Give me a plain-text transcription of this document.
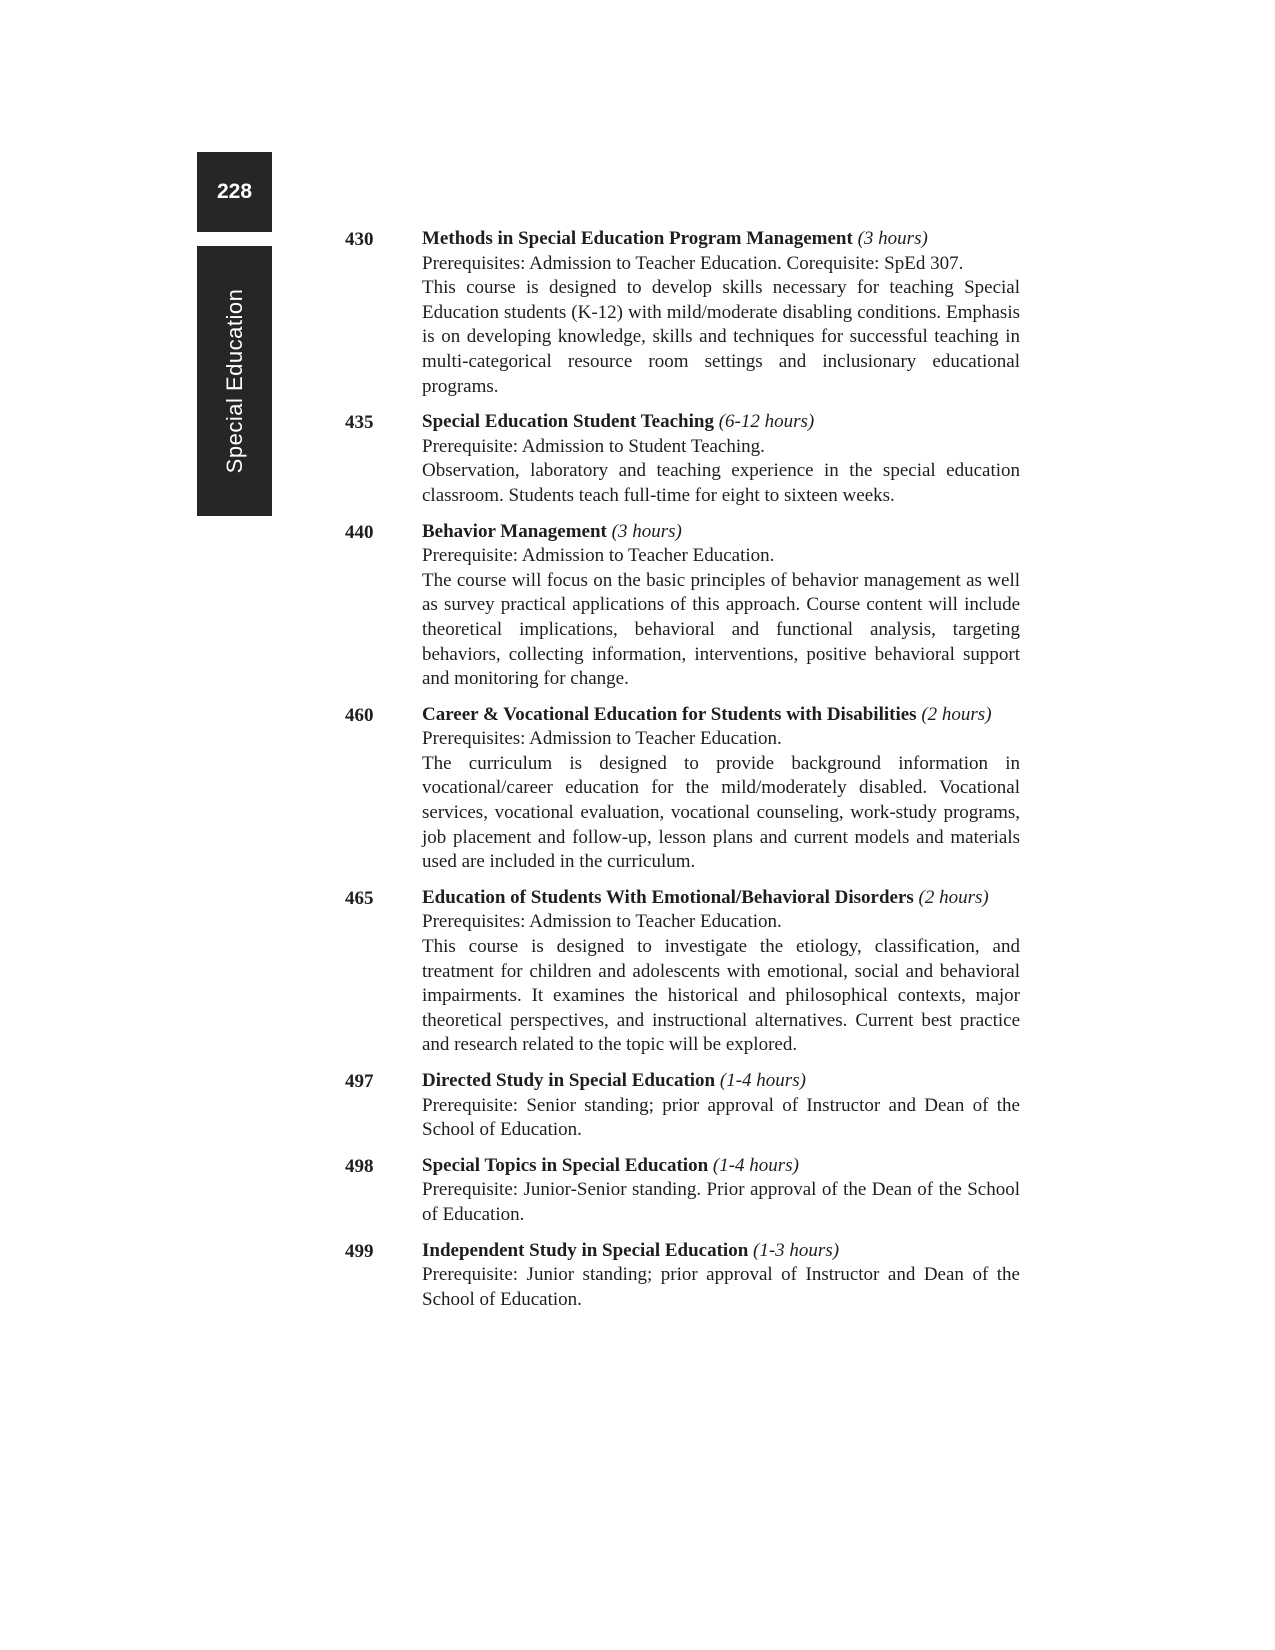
228
Special Education
430	Methods in Special Education Program Management (3 hours)

Prerequisites: Admission to Teacher Education. Corequisite: SpEd 307.

This course is designed to develop skills necessary for teaching Special Education students (K-12) with mild/moderate disabling conditions. Emphasis is on developing knowledge, skills and techniques for successful teaching in multi-categorical resource room settings and inclusionary educational programs.

435	Special Education Student Teaching (6-12 hours)

Prerequisite: Admission to Student Teaching.

Observation, laboratory and teaching experience in the special education classroom. Students teach full-time for eight to sixteen weeks.

440	Behavior Management (3 hours)

Prerequisite: Admission to Teacher Education.

The course will focus on the basic principles of behavior management as well as survey practical applications of this approach. Course content will include theoretical implications, behavioral and functional analysis, targeting behaviors, collecting information, interventions, positive behavioral support and monitoring for change.

460	Career & Vocational Education for Students with Disabilities (2 hours)

Prerequisites: Admission to Teacher Education.

The curriculum is designed to provide background information in vocational/career education for the mild/moderately disabled. Vocational services, vocational evaluation, vocational counseling, work-study programs, job placement and follow-up, lesson plans and current models and materials used are included in the curriculum.

465	Education of Students With Emotional/Behavioral Disorders (2 hours)

Prerequisites: Admission to Teacher Education.

This course is designed to investigate the etiology, classification, and treatment for children and adolescents with emotional, social and behavioral impairments. It examines the historical and philosophical contexts, major theoretical perspectives, and instructional alternatives. Current best practice and research related to the topic will be explored.

497	Directed Study in Special Education (1-4 hours)

Prerequisite: Senior standing; prior approval of Instructor and Dean of the School of Education.

498	Special Topics in Special Education (1-4 hours)

Prerequisite: Junior-Senior standing. Prior approval of the Dean of the School of Education.

499	Independent Study in Special Education (1-3 hours)

Prerequisite: Junior standing; prior approval of Instructor and Dean of the School of Education.
